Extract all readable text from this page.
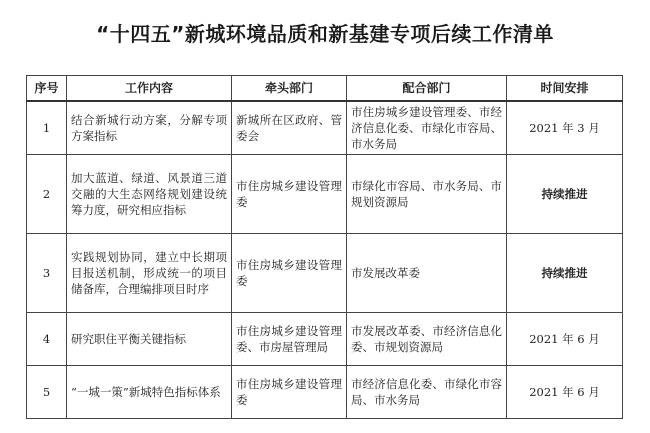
“十四五”新城环境品质和新基建专项后续工作清单
序号	工作内容	牵头部门	配合部门	时间安排
1	结合新城行动方案，分解专项方案指标	新城所在区政府、管委会	市住房城乡建设管理委、市经济信息化委、市绿化市容局、市水务局	2021 年 3 月
2	加大蓝道、绿道、风景道三道交融的大生态网络规划建设统筹力度，研究相应指标	市住房城乡建设管理委	市绿化市容局、市水务局、市规划资源局	持续推进
3	实践规划协同，建立中长期项目报送机制，形成统一的项目储备库，合理编排项目时序	市住房城乡建设管理委	市发展改革委	持续推进
4	研究职住平衡关键指标	市住房城乡建设管理委、市房屋管理局	市发展改革委、市经济信息化委、市规划资源局	2021 年 6 月
5	“一城一策”新城特色指标体系	市住房城乡建设管理委	市经济信息化委、市绿化市容局、市水务局	2021 年 6 月
